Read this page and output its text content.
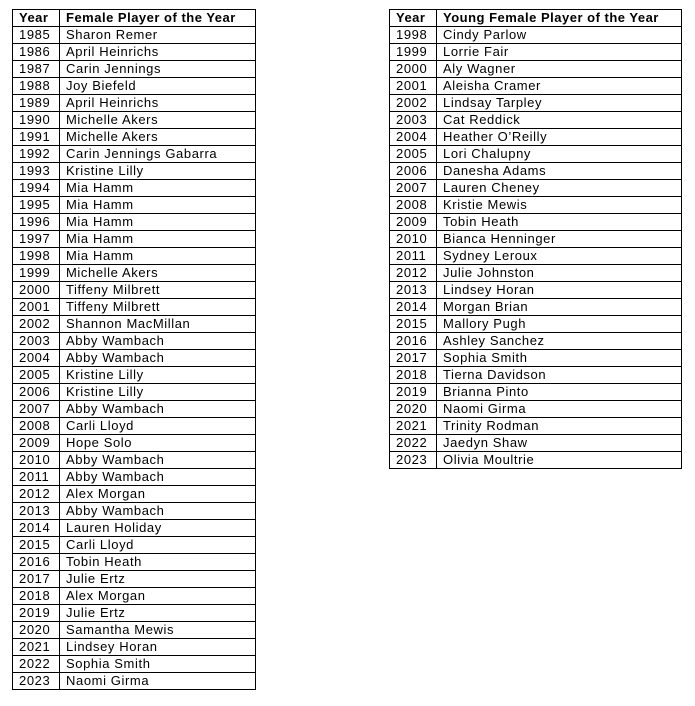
Year	Female Player of the Year
1985	Sharon Remer
1986	April Heinrichs
1987	Carin Jennings
1988	Joy Biefeld
1989	April Heinrichs
1990	Michelle Akers
1991	Michelle Akers
1992	Carin Jennings Gabarra
1993	Kristine Lilly
1994	Mia Hamm
1995	Mia Hamm
1996	Mia Hamm
1997	Mia Hamm
1998	Mia Hamm
1999	Michelle Akers
2000	Tiffeny Milbrett
2001	Tiffeny Milbrett
2002	Shannon MacMillan
2003	Abby Wambach
2004	Abby Wambach
2005	Kristine Lilly
2006	Kristine Lilly
2007	Abby Wambach
2008	Carli Lloyd
2009	Hope Solo
2010	Abby Wambach
2011	Abby Wambach
2012	Alex Morgan
2013	Abby Wambach
2014	Lauren Holiday
2015	Carli Lloyd
2016	Tobin Heath
2017	Julie Ertz
2018	Alex Morgan
2019	Julie Ertz
2020	Samantha Mewis
2021	Lindsey Horan
2022	Sophia Smith
2023	Naomi Girma
Year	Young Female Player of the Year
1998	Cindy Parlow
1999	Lorrie Fair
2000	Aly Wagner
2001	Aleisha Cramer
2002	Lindsay Tarpley
2003	Cat Reddick
2004	Heather O’Reilly
2005	Lori Chalupny
2006	Danesha Adams
2007	Lauren Cheney
2008	Kristie Mewis
2009	Tobin Heath
2010	Bianca Henninger
2011	Sydney Leroux
2012	Julie Johnston
2013	Lindsey Horan
2014	Morgan Brian
2015	Mallory Pugh
2016	Ashley Sanchez
2017	Sophia Smith
2018	Tierna Davidson
2019	Brianna Pinto
2020	Naomi Girma
2021	Trinity Rodman
2022	Jaedyn Shaw
2023	Olivia Moultrie
